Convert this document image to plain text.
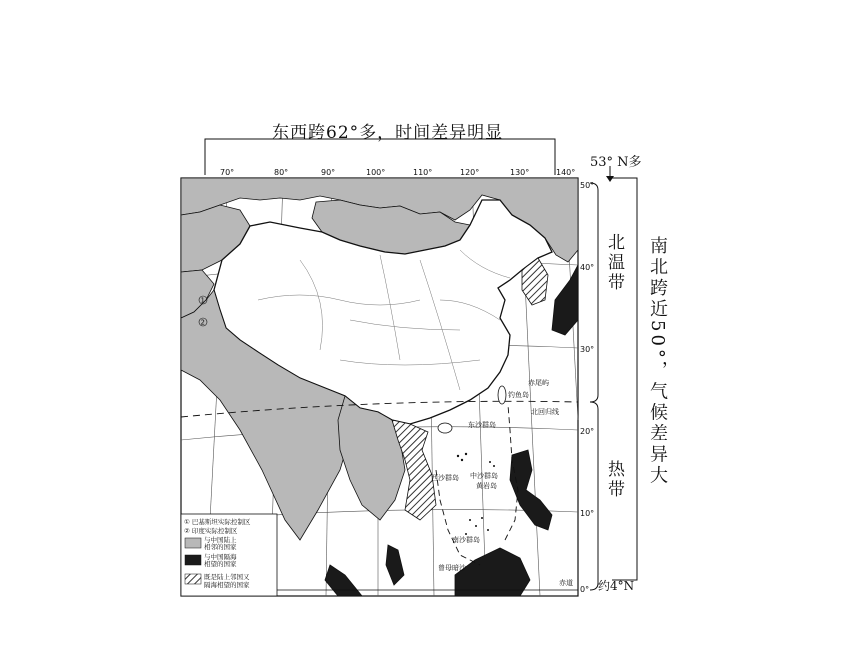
东西跨62°多，时间差异明显
53° N多
约4°N
南北跨近50°，气候差异大
北温带
热带
70°	80°	90°	100°	110°	120°	130°	140°
50°
40°
30°
20°
10°
0°
赤尾屿
钓鱼岛
北回归线
东沙群岛
西沙群岛 中沙群岛
黄岩岛
南沙群岛
曾母暗沙
赤道
1
2
① 巴基斯坦实际控制区
② 印度实际控制区
与中国陆上
相邻的国家
与中国隔海
相望的国家
既是陆上邻国又
隔海相望的国家
